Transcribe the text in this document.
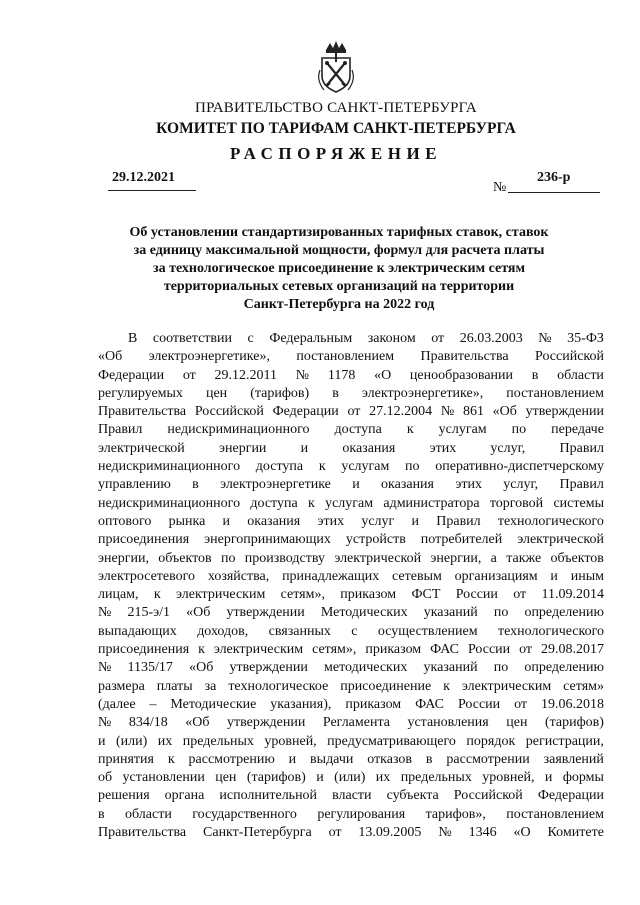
ПРАВИТЕЛЬСТВО САНКТ-ПЕТЕРБУРГА
КОМИТЕТ ПО ТАРИФАМ САНКТ-ПЕТЕРБУРГА
РАСПОРЯЖЕНИЕ
29.12.2021
№
236-р
Об установлении стандартизированных тарифных ставок, ставок
за единицу максимальной мощности, формул для расчета платы
за технологическое присоединение к электрическим сетям
территориальных сетевых организаций на территории
Санкт-Петербурга на 2022 год
В соответствии с Федеральным законом от 26.03.2003 № 35-ФЗ
«Об электроэнергетике», постановлением Правительства Российской
Федерации от 29.12.2011 № 1178 «О ценообразовании в области
регулируемых цен (тарифов) в электроэнергетике», постановлением
Правительства Российской Федерации от 27.12.2004 № 861 «Об утверждении
Правил недискриминационного доступа к услугам по передаче
электрической энергии и оказания этих услуг, Правил
недискриминационного доступа к услугам по оперативно-диспетчерскому
управлению в электроэнергетике и оказания этих услуг, Правил
недискриминационного доступа к услугам администратора торговой системы
оптового рынка и оказания этих услуг и Правил технологического
присоединения энергопринимающих устройств потребителей электрической
энергии, объектов по производству электрической энергии, а также объектов
электросетевого хозяйства, принадлежащих сетевым организациям и иным
лицам, к электрическим сетям», приказом ФСТ России от 11.09.2014
№ 215-э/1 «Об утверждении Методических указаний по определению
выпадающих доходов, связанных с осуществлением технологического
присоединения к электрическим сетям», приказом ФАС России от 29.08.2017
№ 1135/17 «Об утверждении методических указаний по определению
размера платы за технологическое присоединение к электрическим сетям»
(далее – Методические указания), приказом ФАС России от 19.06.2018
№ 834/18 «Об утверждении Регламента установления цен (тарифов)
и (или) их предельных уровней, предусматривающего порядок регистрации,
принятия к рассмотрению и выдачи отказов в рассмотрении заявлений
об установлении цен (тарифов) и (или) их предельных уровней, и формы
решения органа исполнительной власти субъекта Российской Федерации
в области государственного регулирования тарифов», постановлением
Правительства Санкт-Петербурга от 13.09.2005 № 1346 «О Комитете
